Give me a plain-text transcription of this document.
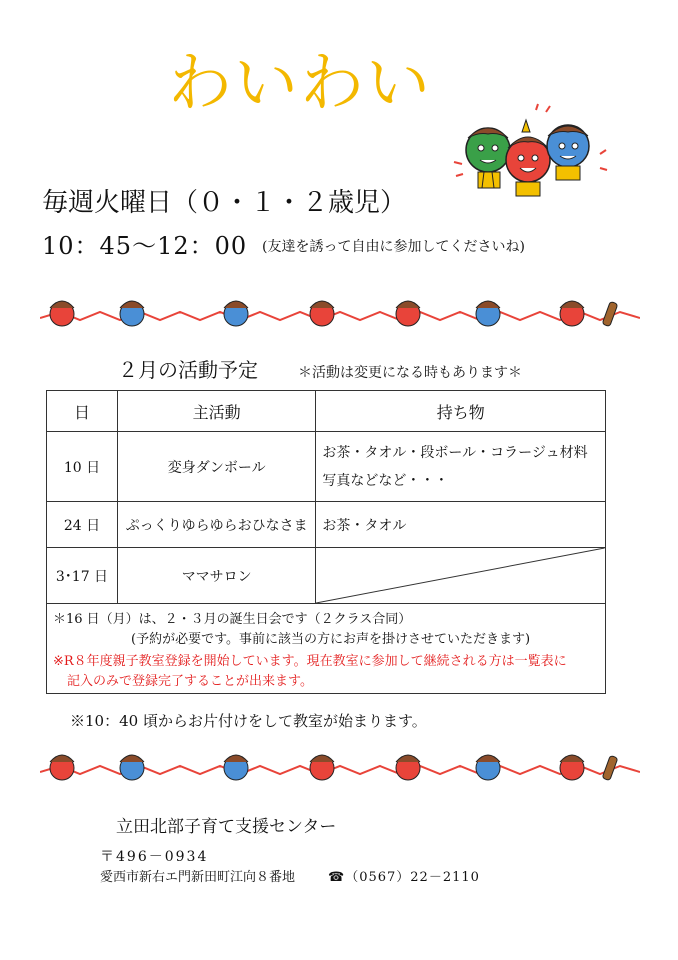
わいわい
毎週火曜日（０・１・２歳児）
10：45〜12：00 (友達を誘って自由に参加してくださいね)
２月の活動予定	＊活動は変更になる時もあります＊
日	主活動	持ち物
10 日	変身ダンボール	お茶・タオル・段ボール・コラージュ材料
写真などなど・・・

24 日	ぷっくりゆらゆらおひなさま	お茶・タオル
3･17 日	ママサロン	
＊16 日（月）は、２・３月の誕生日会です（２クラス合同）
(予約が必要です。事前に該当の方にお声を掛けさせていただきます)
※R８年度親子教室登録を開始しています。現在教室に参加して継続される方は一覧表に
記入のみで登録完了することが出来ます。
※10：40 頃からお片付けをして教室が始まります。
立田北部子育て支援センター
〒496－0934
愛西市新右エ門新田町江向８番地	☎（0567）22－2110
